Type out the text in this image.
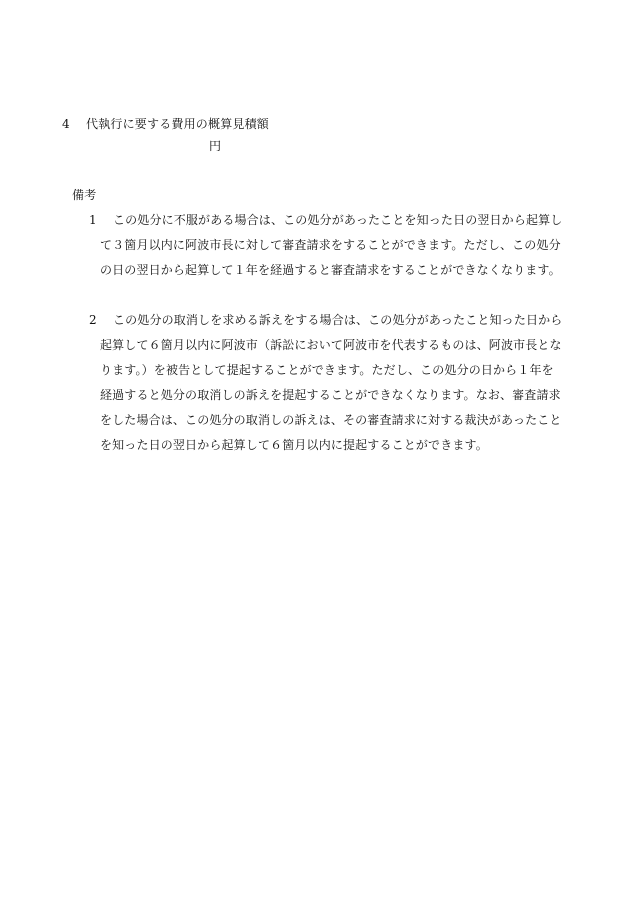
4 代執行に要する費用の概算見積額
円
備考
1 この処分に不服がある場合は、この処分があったことを知った日の翌日から起算し
て３箇月以内に阿波市長に対して審査請求をすることができます。ただし、この処分
の日の翌日から起算して１年を経過すると審査請求をすることができなくなります。
2 この処分の取消しを求める訴えをする場合は、この処分があったこと知った日から
起算して６箇月以内に阿波市（訴訟において阿波市を代表するものは、阿波市長とな
ります。）を被告として提起することができます。ただし、この処分の日から１年を
経過すると処分の取消しの訴えを提起することができなくなります。なお、審査請求
をした場合は、この処分の取消しの訴えは、その審査請求に対する裁決があったこと
を知った日の翌日から起算して６箇月以内に提起することができます。
